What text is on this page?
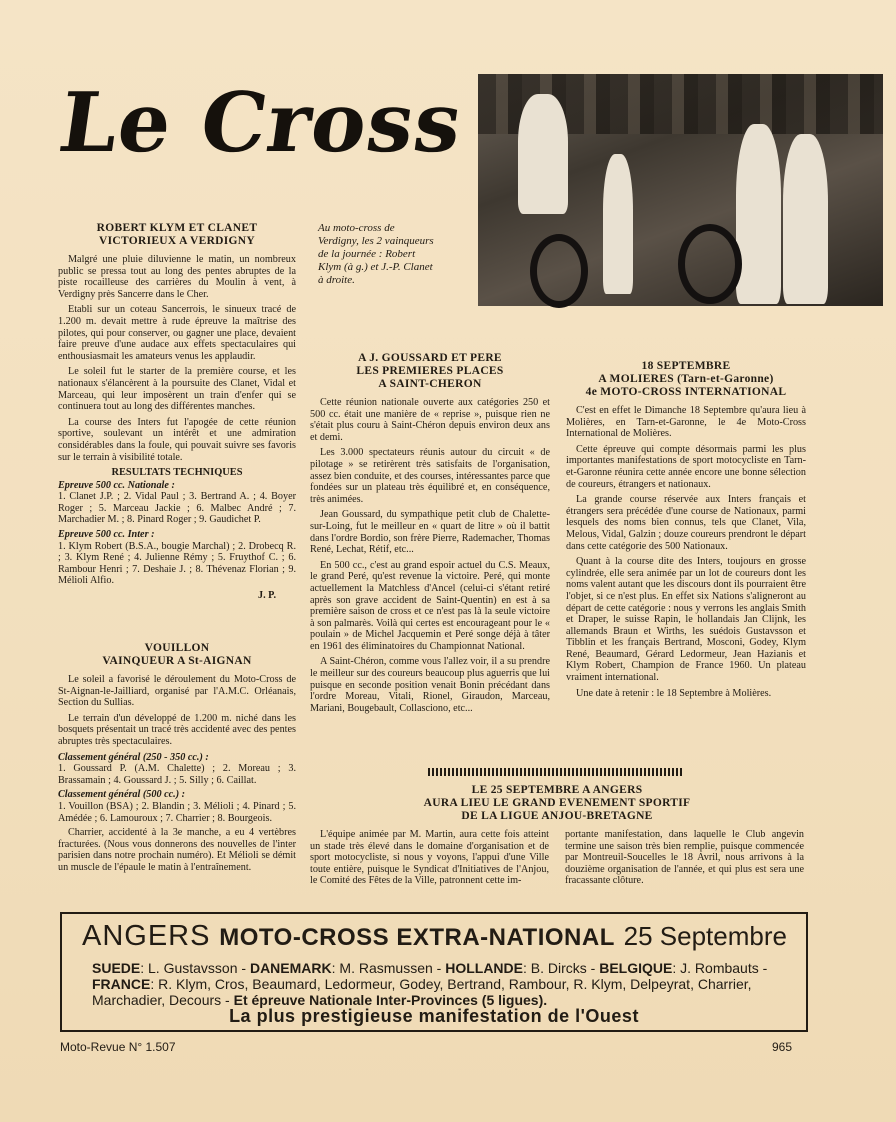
Le Cross
Au moto-cross de Verdigny, les 2 vainqueurs de la journée : Robert Klym (à g.) et J.-P. Clanet à droite.
ROBERT KLYM ET CLANET
VICTORIEUX A VERDIGNY

Malgré une pluie diluvienne le matin, un nombreux public se pressa tout au long des pentes abruptes de la piste rocailleuse des carrières du Moulin à vent, à Verdigny près Sancerre dans le Cher.

Etabli sur un coteau Sancerrois, le sinueux tracé de 1.200 m. devait mettre à rude épreuve la maîtrise des pilotes, qui pour conserver, ou gagner une place, devaient faire preuve d'une audace aux effets spectaculaires qui enthousiasmait les amateurs venus les applaudir.

Le soleil fut le starter de la première course, et les nationaux s'élancèrent à la poursuite des Clanet, Vidal et Marceau, qui leur imposèrent un train d'enfer qui se continuera tout au long des différentes manches.

La course des Inters fut l'apogée de cette réunion sportive, soulevant un intérêt et une admiration considérables dans la foule, qui pouvait suivre ses favoris sur le terrain à visibilité totale.

RESULTATS TECHNIQUES
Epreuve 500 cc. Nationale :
1. Clanet J.P. ; 2. Vidal Paul ; 3. Bertrand A. ; 4. Boyer Roger ; 5. Marceau Jackie ; 6. Malbec André ; 7. Marchadier M. ; 8. Pinard Roger ; 9. Gaudichet P.
Epreuve 500 cc. Inter :
1. Klym Robert (B.S.A., bougie Marchal) ; 2. Drobecq R. ; 3. Klym René ; 4. Julienne Rémy ; 5. Fruythof C. ; 6. Rambour Henri ; 7. Deshaie J. ; 8. Thévenaz Florian ; 9. Mélioli Alfio.
J. P.
VOUILLON
VAINQUEUR A St-AIGNAN

Le soleil a favorisé le déroulement du Moto-Cross de St-Aignan-le-Jailliard, organisé par l'A.M.C. Orléanais, Section du Sullias.

Le terrain d'un développé de 1.200 m. niché dans les bosquets présentait un tracé très accidenté avec des pentes abruptes très spectaculaires.

Classement général (250 - 350 cc.) :
1. Goussard P. (A.M. Chalette) ; 2. Moreau ; 3. Brassamain ; 4. Goussard J. ; 5. Silly ; 6. Caillat.
Classement général (500 cc.) :
1. Vouillon (BSA) ; 2. Blandin ; 3. Mélioli ; 4. Pinard ; 5. Amédée ; 6. Lamouroux ; 7. Charrier ; 8. Bourgeois.

Charrier, accidenté à la 3e manche, a eu 4 vertèbres fracturées. (Nous vous donnerons des nouvelles de l'inter parisien dans notre prochain numéro). Et Mélioli se démit un muscle de l'épaule le matin à l'entraînement.

A J. GOUSSARD ET PERE
LES PREMIERES PLACES
A SAINT-CHERON

Cette réunion nationale ouverte aux catégories 250 et 500 cc. était une manière de « reprise », puisque rien ne s'était plus couru à Saint-Chéron depuis environ deux ans et demi.

Les 3.000 spectateurs réunis autour du circuit « de pilotage » se retirèrent très satisfaits de l'organisation, assez bien conduite, et des courses, intéressantes parce que fondées sur un plateau très équilibré et, en conséquence, très animées.

Jean Goussard, du sympathique petit club de Chalette-sur-Loing, fut le meilleur en « quart de litre » où il battit dans l'ordre Bordio, son frère Pierre, Rademacher, Thomas René, Lechat, Rétif, etc...

En 500 cc., c'est au grand espoir actuel du C.S. Meaux, le grand Peré, qu'est revenue la victoire. Peré, qui monte actuellement la Matchless d'Ancel (celui-ci s'étant retiré après son grave accident de Saint-Quentin) en est à sa première saison de cross et ce n'est pas là la seule victoire à son palmarès. Voilà qui certes est encourageant pour le « poulain » de Michel Jacquemin et Peré songe déjà à tâter en 1961 des éliminatoires du Championnat National.

A Saint-Chéron, comme vous l'allez voir, il a su prendre le meilleur sur des coureurs beaucoup plus aguerris que lui puisque en seconde position venait Bonin précédant dans l'ordre Moreau, Vitali, Rionel, Giraudon, Marceau, Mariani, Bougebault, Collasciono, etc...

18 SEPTEMBRE
A MOLIERES (Tarn-et-Garonne)
4e MOTO-CROSS INTERNATIONAL

C'est en effet le Dimanche 18 Septembre qu'aura lieu à Molières, en Tarn-et-Garonne, le 4e Moto-Cross International de Molières.

Cette épreuve qui compte désormais parmi les plus importantes manifestations de sport motocycliste en Tarn-et-Garonne réunira cette année encore une bonne sélection de coureurs, étrangers et nationaux.

La grande course réservée aux Inters français et étrangers sera précédée d'une course de Nationaux, parmi lesquels des noms bien connus, tels que Clanet, Vila, Melous, Vidal, Galzin ; douze coureurs prendront le départ dans cette catégorie des 500 Nationaux.

Quant à la course dite des Inters, toujours en grosse cylindrée, elle sera animée par un lot de coureurs dont les noms valent autant que les discours dont ils pourraient être l'objet, si ce n'est plus. En effet six Nations s'aligneront au départ de cette catégorie : nous y verrons les anglais Smith et Draper, le suisse Rapin, le hollandais Jan Clijnk, les allemands Braun et Wirths, les suédois Gustavsson et Tibblin et les français Bertrand, Mosconi, Godey, Klym René, Beaumard, Gérard Ledormeur, Jean Hazianis et Klym Robert, Champion de France 1960. Un plateau vraiment international.

Une date à retenir : le 18 Septembre à Molières.

LE 25 SEPTEMBRE A ANGERS
AURA LIEU LE GRAND EVENEMENT SPORTIF
DE LA LIGUE ANJOU-BRETAGNE

L'équipe animée par M. Martin, aura cette fois atteint un stade très élevé dans le domaine d'organisation et de sport motocycliste, si nous y voyons, l'appui d'une Ville toute entière, puisque le Syndicat d'Initiatives de l'Anjou, le Comité des Fêtes de la Ville, patronnent cette im-

portante manifestation, dans laquelle le Club angevin termine une saison très bien remplie, puisque commencée par Montreuil-Soucelles le 18 Avril, nous arrivons à la douzième organisation de l'année, et qui plus est sera une fracassante clôture.

ANGERS MOTO-CROSS EXTRA-NATIONAL 25 Septembre
SUEDE: L. Gustavsson - DANEMARK: M. Rasmussen - HOLLANDE: B. Dircks - BELGIQUE: J. Rombauts - FRANCE: R. Klym, Cros, Beaumard, Ledormeur, Godey, Bertrand, Rambour, R. Klym, Delpeyrat, Charrier, Marchadier, Decours - Et épreuve Nationale Inter-Provinces (5 ligues).
La plus prestigieuse manifestation de l'Ouest
Moto-Revue N° 1.507	965
